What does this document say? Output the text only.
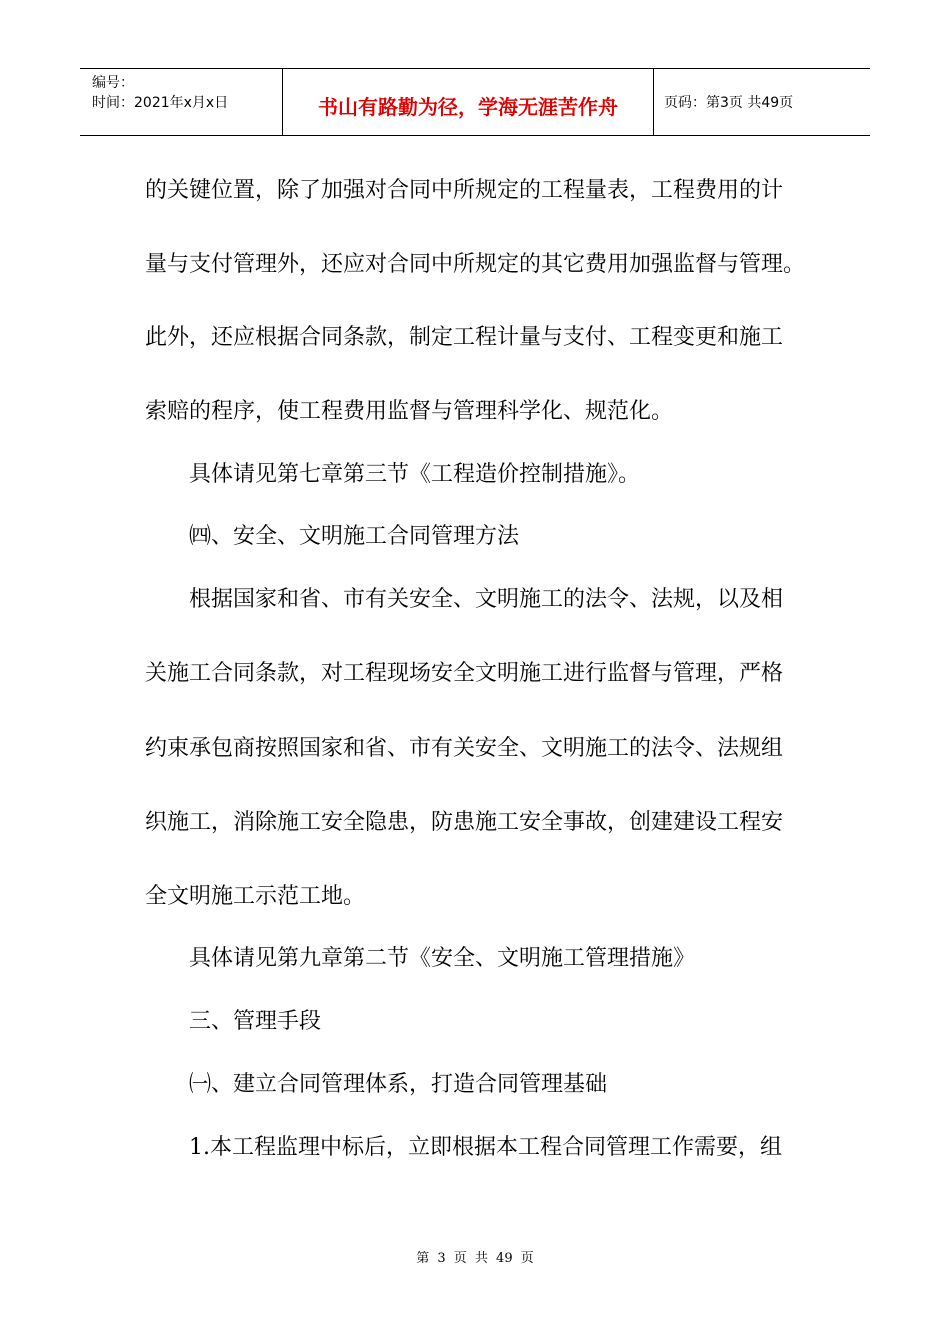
编号：
时间：2021年x月x日	书山有路勤为径，学海无涯苦作舟	页码：第3页 共49页
的关键位置，除了加强对合同中所规定的工程量表，工程费用的计
量与支付管理外，还应对合同中所规定的其它费用加强监督与管理。
此外，还应根据合同条款，制定工程计量与支付、工程变更和施工
索赔的程序，使工程费用监督与管理科学化、规范化。
具体请见第七章第三节《工程造价控制措施》。
㈣、安全、文明施工合同管理方法
根据国家和省、市有关安全、文明施工的法令、法规，以及相
关施工合同条款，对工程现场安全文明施工进行监督与管理，严格
约束承包商按照国家和省、市有关安全、文明施工的法令、法规组
织施工，消除施工安全隐患，防患施工安全事故，创建建设工程安
全文明施工示范工地。
具体请见第九章第二节《安全、文明施工管理措施》
三、管理手段
㈠、建立合同管理体系，打造合同管理基础
1.本工程监理中标后，立即根据本工程合同管理工作需要，组
第 3 页 共 49 页
